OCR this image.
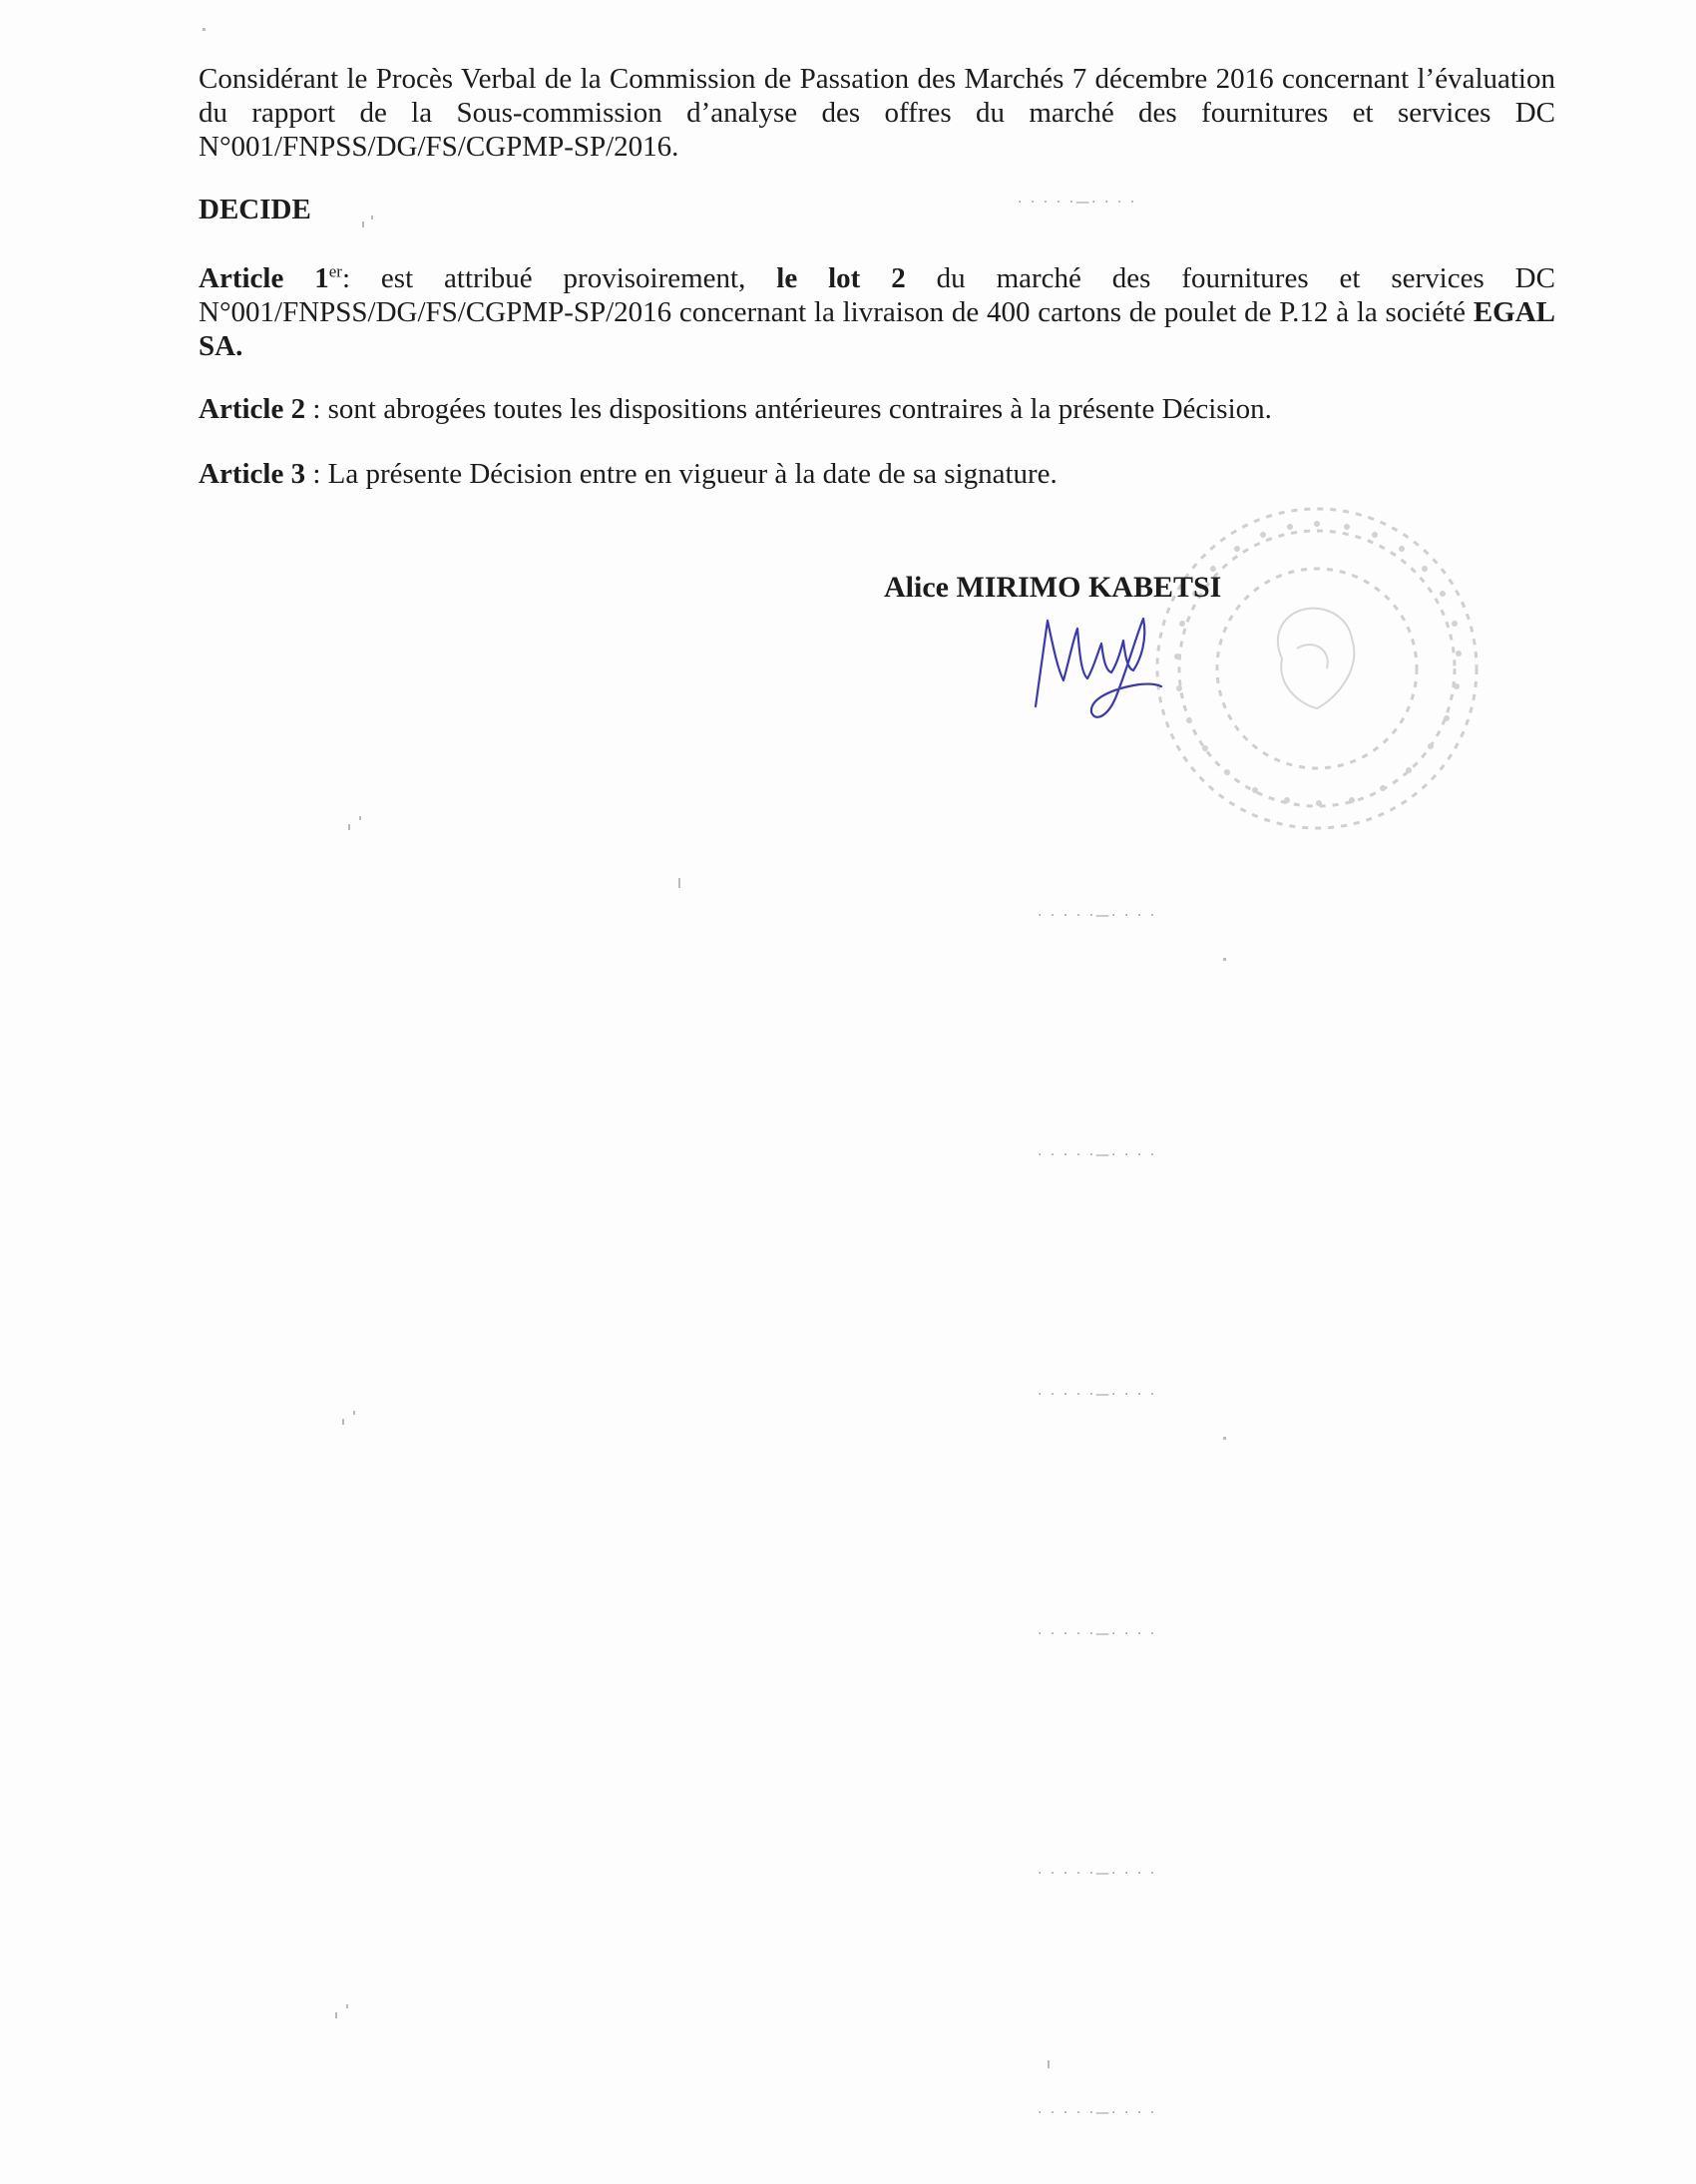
Considérant le Procès Verbal de la Commission de Passation des Marchés 7 décembre 2016 concernant l’évaluation du rapport de la Sous-commission d’analyse des offres du marché des fournitures et services DC N°001/FNPSS/DG/FS/CGPMP-SP/2016.

DECIDE

Article 1er: est attribué provisoirement, le lot 2 du marché des fournitures et services DC N°001/FNPSS/DG/FS/CGPMP-SP/2016 concernant la livraison de 400 cartons de poulet de P.12 à la société EGAL SA.

Article 2 : sont abrogées toutes les dispositions antérieures contraires à la présente Décision.

Article 3 : La présente Décision entre en vigueur à la date de sa signature.

Alice MIRIMO KABETSI

· · · · ·—· · · ·
· · · · ·—· · · ·
· · · · ·—· · · ·
· · · · ·—· · · ·
· · · · ·—· · · ·
· · · · ·—· · · ·
· · · · ·—· · · ·
